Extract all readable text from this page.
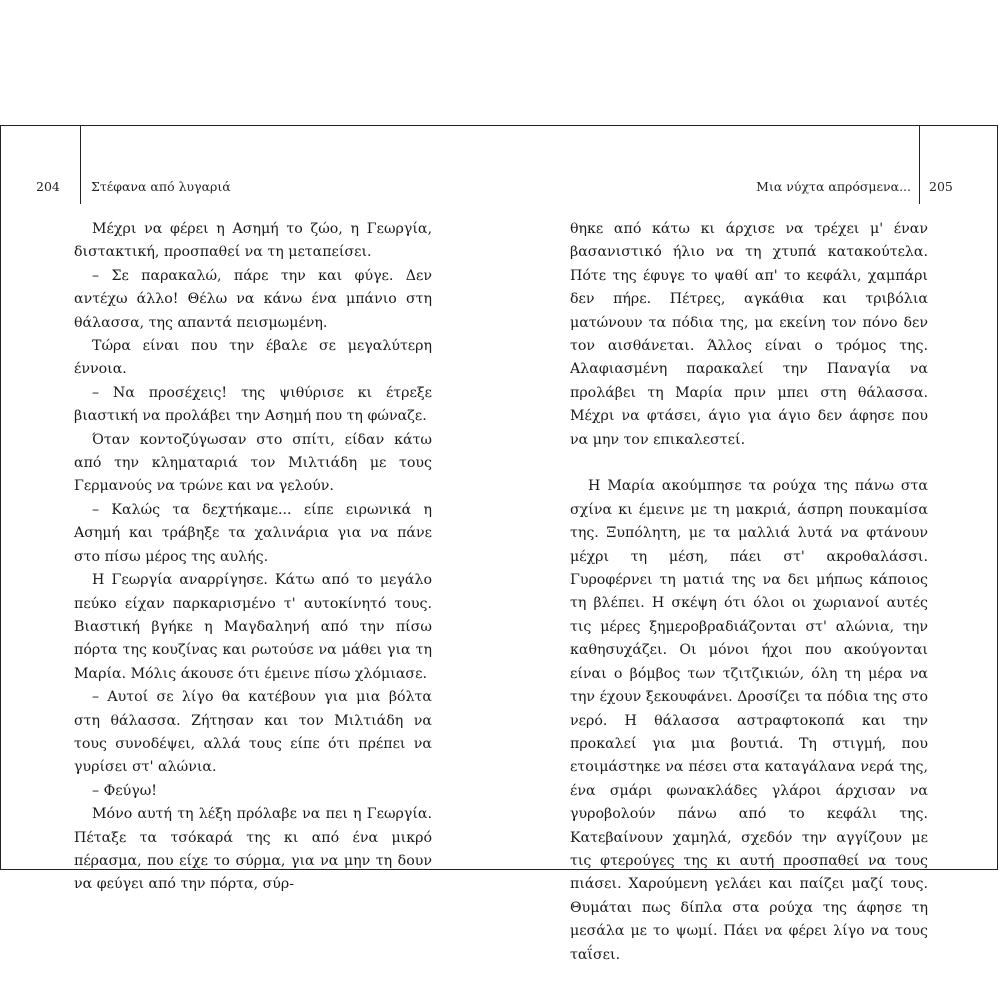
204 Στέφανα από λυγαριά	Μια νύχτα απρόσμενα... 205

Μέχρι να φέρει η Ασημή το ζώο, η Γεωργία, διστακτική, προσπαθεί να τη μεταπείσει.

– Σε παρακαλώ, πάρε την και φύγε. Δεν αντέχω άλλο! Θέλω να κάνω ένα μπάνιο στη θάλασσα, της απαντά πεισμωμένη.

Τώρα είναι που την έβαλε σε μεγαλύτερη έννοια.

– Να προσέχεις! της ψιθύρισε κι έτρεξε βιαστική να προλάβει την Ασημή που τη φώναζε.

Όταν κοντοζύγωσαν στο σπίτι, είδαν κάτω από την κληματαριά τον Μιλτιάδη με τους Γερμανούς να τρώνε και να γελούν.

– Καλώς τα δεχτήκαμε... είπε ειρωνικά η Ασημή και τράβηξε τα χαλινάρια για να πάνε στο πίσω μέρος της αυλής.

Η Γεωργία αναρρίγησε. Κάτω από το μεγάλο πεύκο είχαν παρκαρισμένο τ' αυτοκίνητό τους. Βιαστική βγήκε η Μαγδαληνή από την πίσω πόρτα της κουζίνας και ρωτούσε να μάθει για τη Μαρία. Μόλις άκουσε ότι έμεινε πίσω χλόμιασε.

– Αυτοί σε λίγο θα κατέβουν για μια βόλτα στη θάλασσα. Ζήτησαν και τον Μιλτιάδη να τους συνοδέψει, αλλά τους είπε ότι πρέπει να γυρίσει στ' αλώνια.

– Φεύγω!

Μόνο αυτή τη λέξη πρόλαβε να πει η Γεωργία. Πέταξε τα τσόκαρά της κι από ένα μικρό πέρασμα, που είχε το σύρμα, για να μην τη δουν να φεύγει από την πόρτα, σύρ-

θηκε από κάτω κι άρχισε να τρέχει μ' έναν βασανιστικό ήλιο να τη χτυπά κατακούτελα. Πότε της έφυγε το ψαθί απ' το κεφάλι, χαμπάρι δεν πήρε. Πέτρες, αγκάθια και τριβόλια ματώνουν τα πόδια της, μα εκείνη τον πόνο δεν τον αισθάνεται. Άλλος είναι ο τρόμος της. Αλαφιασμένη παρακαλεί την Παναγία να προλάβει τη Μαρία πριν μπει στη θάλασσα. Μέχρι να φτάσει, άγιο για άγιο δεν άφησε που να μην τον επικαλεστεί.

Η Μαρία ακούμπησε τα ρούχα της πάνω στα σχίνα κι έμεινε με τη μακριά, άσπρη πουκαμίσα της. Ξυπόλητη, με τα μαλλιά λυτά να φτάνουν μέχρι τη μέση, πάει στ' ακροθαλάσσι. Γυροφέρνει τη ματιά της να δει μήπως κάποιος τη βλέπει. Η σκέψη ότι όλοι οι χωριανοί αυτές τις μέρες ξημεροβραδιάζονται στ' αλώνια, την καθησυχάζει. Οι μόνοι ήχοι που ακούγονται είναι ο βόμβος των τζιτζικιών, όλη τη μέρα να την έχουν ξεκουφάνει. Δροσίζει τα πόδια της στο νερό. Η θάλασσα αστραφτοκοπά και την προκαλεί για μια βουτιά. Τη στιγμή, που ετοιμάστηκε να πέσει στα καταγάλανα νερά της, ένα σμάρι φωνακλάδες γλάροι άρχισαν να γυροβολούν πάνω από το κεφάλι της. Κατεβαίνουν χαμηλά, σχεδόν την αγγίζουν με τις φτερούγες της κι αυτή προσπαθεί να τους πιάσει. Χαρούμενη γελάει και παίζει μαζί τους. Θυμάται πως δίπλα στα ρούχα της άφησε τη μεσάλα με το ψωμί. Πάει να φέρει λίγο να τους ταΐσει.
